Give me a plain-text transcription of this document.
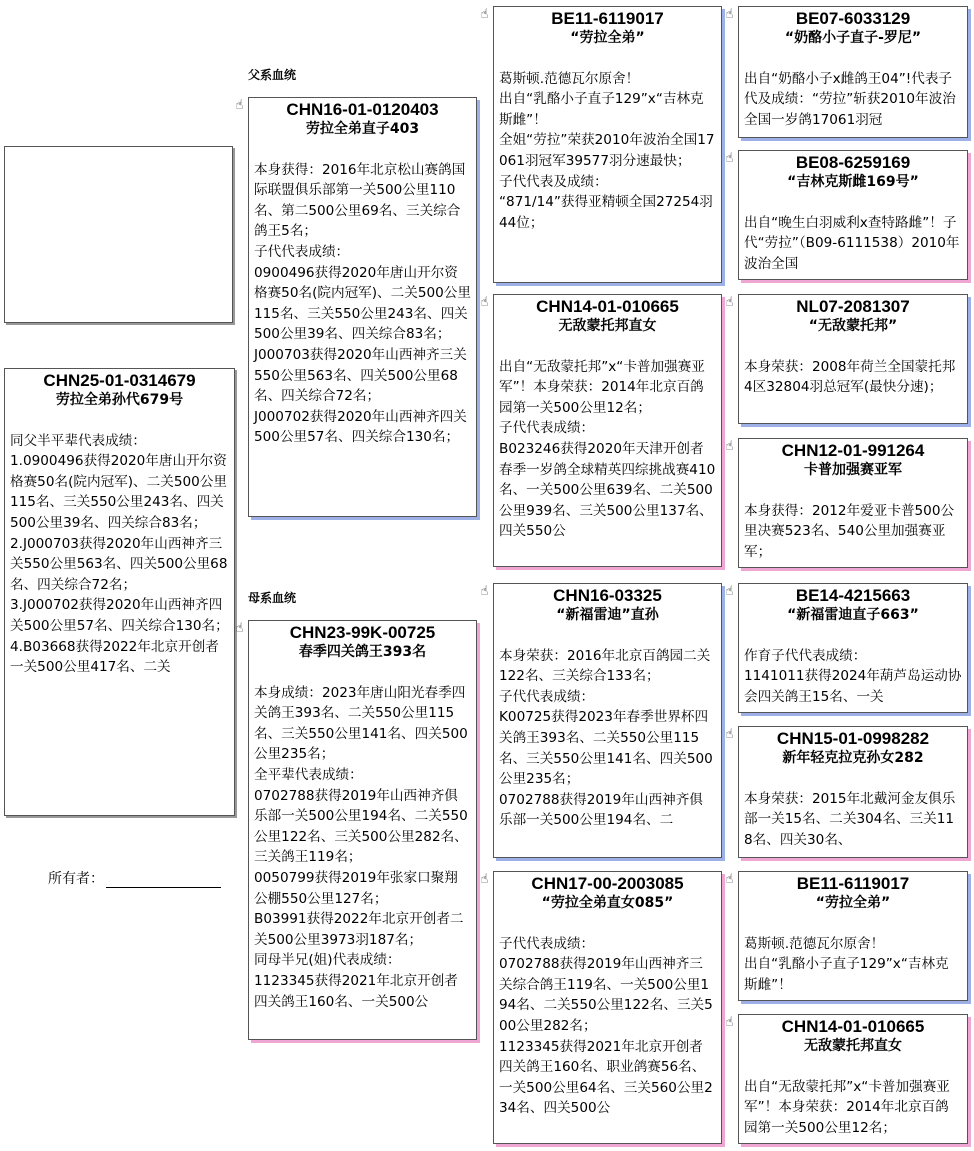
CHN25-01-0314679
劳拉全弟孙代679号

同父半平辈代表成绩：
1.0900496获得2020年唐山开尔资格赛50名(院内冠军)、二关500公里115名、三关550公里243名、四关500公里39名、四关综合83名；
2.J000703获得2020年山西神齐三关550公里563名、四关500公里68名、四关综合72名；
3.J000702获得2020年山西神齐四关500公里57名、四关综合130名；
4.B03668获得2022年北京开创者一关500公里417名、二关
所有者：
父系血统
母系血统
☝	CHN16-01-0120403
劳拉全弟直子403

本身获得：2016年北京松山赛鸽国际联盟俱乐部第一关500公里110名、第二500公里69名、三关综合鸽王5名；
子代代表成绩：
0900496获得2020年唐山开尔资格赛50名(院内冠军)、二关500公里115名、三关550公里243名、四关500公里39名、四关综合83名；
J000703获得2020年山西神齐三关550公里563名、四关500公里68名、四关综合72名；
J000702获得2020年山西神齐四关500公里57名、四关综合130名；
☝	CHN23-99K-00725
春季四关鸽王393名

本身成绩：2023年唐山阳光春季四关鸽王393名、二关550公里115名、三关550公里141名、四关500公里235名；
全平辈代表成绩：
0702788获得2019年山西神齐俱乐部一关500公里194名、二关550公里122名、三关500公里282名、三关鸽王119名；
0050799获得2019年张家口聚翔公棚550公里127名；
B03991获得2022年北京开创者二关500公里3973羽187名；
同母半兄(姐)代表成绩：
1123345获得2021年北京开创者四关鸽王160名、一关500公
☝	BE11-6119017
“劳拉全弟”

葛斯顿.范德瓦尔原舍！
出自“乳酪小子直子129”x“吉林克斯雌”！
全姐“劳拉”荣获2010年波治全国17061羽冠军39577羽分速最快；
子代代表及成绩：
“871/14”获得亚精顿全国27254羽44位；
☝	CHN14-01-010665
无敌蒙托邦直女

出自“无敌蒙托邦”x“卡普加强赛亚军”！本身荣获：2014年北京百鸽园第一关500公里12名；
子代代表成绩：
B023246获得2020年天津开创者春季一岁鸽全球精英四综挑战赛410名、一关500公里639名、二关500公里939名、三关500公里137名、四关550公
☝	CHN16-03325
“新福雷迪”直孙

本身荣获：2016年北京百鸽园二关122名、三关综合133名；
子代代表成绩：
K00725获得2023年春季世界杯四关鸽王393名、二关550公里115名、三关550公里141名、四关500公里235名；
0702788获得2019年山西神齐俱乐部一关500公里194名、二
☝	CHN17-00-2003085
“劳拉全弟直女085”

子代代表成绩：
0702788获得2019年山西神齐三关综合鸽王119名、一关500公里194名、二关550公里122名、三关500公里282名；
1123345获得2021年北京开创者四关鸽王160名、职业鸽赛56名、一关500公里64名、三关560公里234名、四关500公
☝	BE07-6033129
“奶酪小子直子-罗尼”

出自“奶酪小子x雌鸽王04”!代表子代及成绩：“劳拉”斩获2010年波治全国一岁鸽17061羽冠
☝	BE08-6259169
“吉林克斯雌169号”

出自“晚生白羽威利x查特路雌”！子代“劳拉”（B09-6111538）2010年波治全国
☝	NL07-2081307
“无敌蒙托邦”

本身荣获：2008年荷兰全国蒙托邦4区32804羽总冠军(最快分速)；
☝	CHN12-01-991264
卡普加强赛亚军

本身获得：2012年爱亚卡普500公里决赛523名、540公里加强赛亚军；
☝	BE14-4215663
“新福雷迪直子663”

作育子代代表成绩：
1141011获得2024年葫芦岛运动协会四关鸽王15名、一关
☝	CHN15-01-0998282
新年轻克拉克孙女282

本身荣获：2015年北戴河金友俱乐部一关15名、二关304名、三关118名、四关30名、
☝	BE11-6119017
“劳拉全弟”

葛斯顿.范德瓦尔原舍！
出自“乳酪小子直子129”x“吉林克斯雌”！
☝	CHN14-01-010665
无敌蒙托邦直女

出自“无敌蒙托邦”x“卡普加强赛亚军”！本身荣获：2014年北京百鸽园第一关500公里12名；
